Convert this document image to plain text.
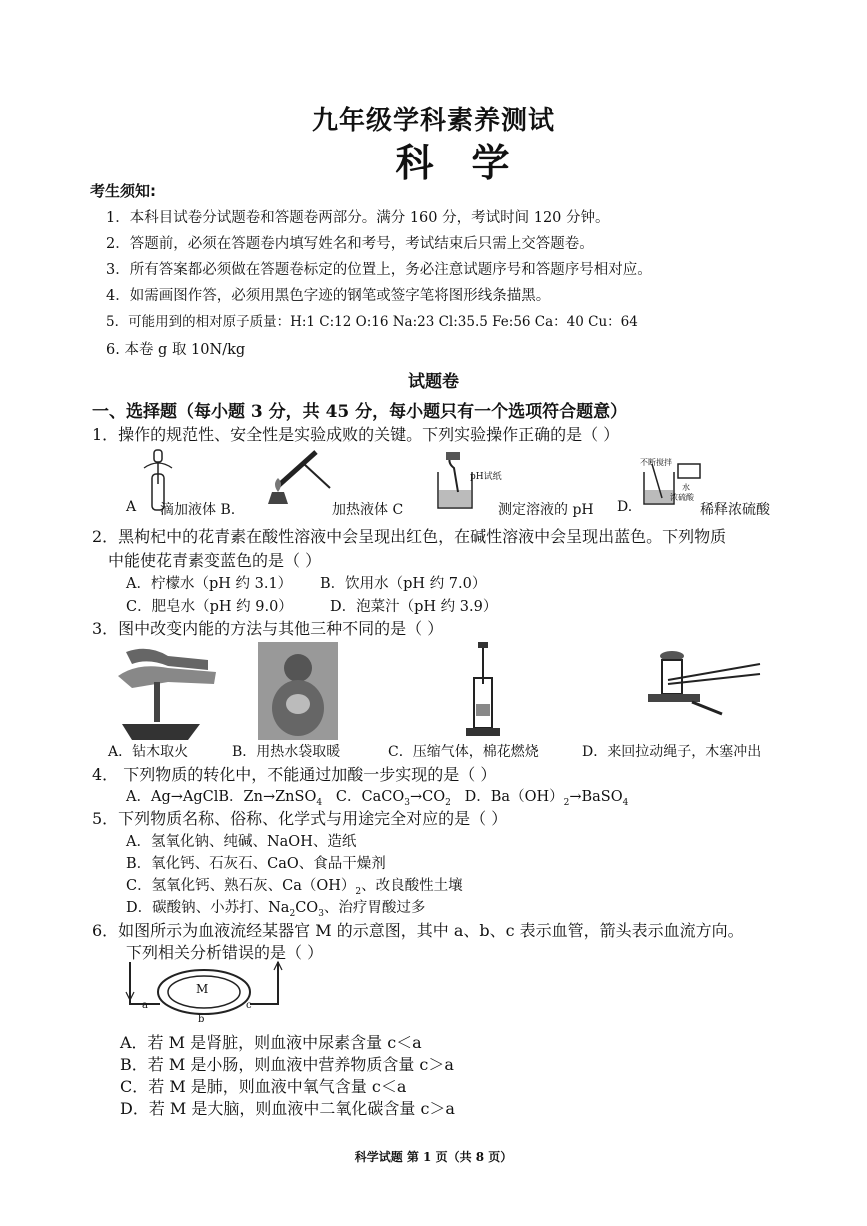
九年级学科素养测试
科学
考生须知:
1．本科目试卷分试题卷和答题卷两部分。满分 160 分，考试时间 120 分钟。
2．答题前，必须在答题卷内填写姓名和考号，考试结束后只需上交答题卷。
3．所有答案都必须做在答题卷标定的位置上，务必注意试题序号和答题序号相对应。
4．如需画图作答，必须用黑色字迹的钢笔或签字笔将图形线条描黑。
5．可能用到的相对原子质量：H:1 C:12 O:16 Na:23 Cl:35.5 Fe:56 Ca：40 Cu：64
6. 本卷 g 取 10N/kg
试题卷
一、选择题（每小题 3 分，共 45 分，每小题只有一个选项符合题意）
1．操作的规范性、安全性是实验成败的关键。下列实验操作正确的是（ ）
A 滴加液体 B.	加热液体 C
pH试纸
测定溶液的 pH
不断搅拌
水
浓硫酸
D.	稀释浓硫酸
2．黑枸杞中的花青素在酸性溶液中会呈现出红色，在碱性溶液中会呈现出蓝色。下列物质
中能使花青素变蓝色的是（ ）
A．柠檬水（pH 约 3.1） B．饮用水（pH 约 7.0）
C．肥皂水（pH 约 9.0）	D．泡菜汁（pH 约 3.9）
3．图中改变内能的方法与其他三种不同的是（ ）
A．钻木取火	B．用热水袋取暖	C．压缩气体，棉花燃烧	D．来回拉动绳子，木塞冲出
4． 下列物质的转化中，不能通过加酸一步实现的是（ ）
A．Ag→AgClB．Zn→ZnSO$_4$ C．$CaCO_3\to CO_2$ D．$Ba(OH)_2\to BaSO_4$
5．下列物质名称、俗称、化学式与用途完全对应的是（ ）
A．氢氧化钠、纯碱、NaOH、造纸
B．氧化钙、石灰石、CaO、食品干燥剂
C．氢氧化钙、熟石灰、$Ca(OH)_2$、改良酸性土壤
D．碳酸钠、小苏打、$Na_2CO_3$、治疗胃酸过多
6．如图所示为血液流经某器官 M 的示意图，其中 a、b、c 表示血管，箭头表示血流方向。
下列相关分析错误的是（ ）
M
a
b
c
A．若 M 是肾脏，则血液中尿素含量 c＜a
B．若 M 是小肠，则血液中营养物质含量 c＞a
C．若 M 是肺，则血液中氧气含量 c＜a
D．若 M 是大脑，则血液中二氧化碳含量 c＞a
科学试题 第 1 页（共 8 页）
